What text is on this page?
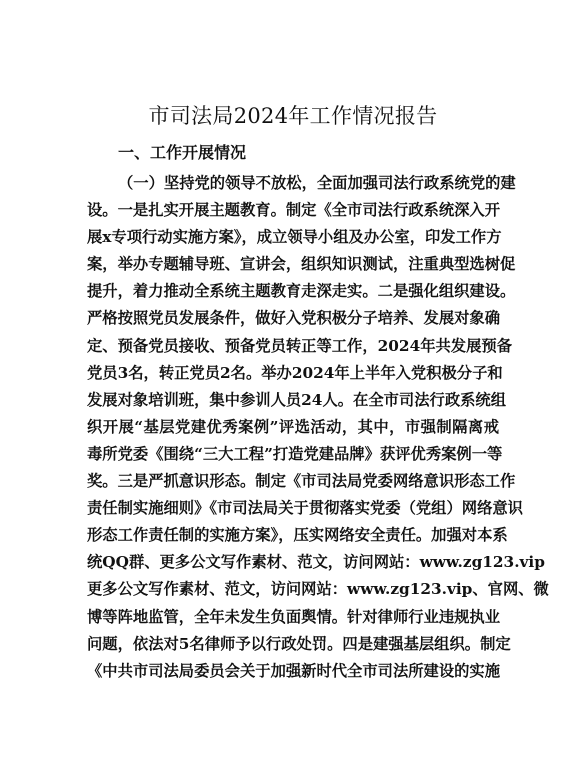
市司法局2024年工作情况报告
一、工作开展情况
（一）坚持党的领导不放松，全面加强司法行政系统党的建
设。一是扎实开展主题教育。制定《全市司法行政系统深入开
展x专项行动实施方案》，成立领导小组及办公室，印发工作方
案，举办专题辅导班、宣讲会，组织知识测试，注重典型选树促
提升，着力推动全系统主题教育走深走实。二是强化组织建设。
严格按照党员发展条件，做好入党积极分子培养、发展对象确
定、预备党员接收、预备党员转正等工作，2024年共发展预备
党员3名，转正党员2名。举办2024年上半年入党积极分子和
发展对象培训班，集中参训人员24人。在全市司法行政系统组
织开展“基层党建优秀案例”评选活动，其中，市强制隔离戒
毒所党委《围绕“三大工程”打造党建品牌》获评优秀案例一等
奖。三是严抓意识形态。制定《市司法局党委网络意识形态工作
责任制实施细则》《市司法局关于贯彻落实党委（党组）网络意识
形态工作责任制的实施方案》，压实网络安全责任。加强对本系
统QQ群、更多公文写作素材、范文，访问网站：www.zg123.vip
更多公文写作素材、范文，访问网站：www.zg123.vip、官网、微
博等阵地监管，全年未发生负面舆情。针对律师行业违规执业
问题，依法对5名律师予以行政处罚。四是建强基层组织。制定
《中共市司法局委员会关于加强新时代全市司法所建设的实施
